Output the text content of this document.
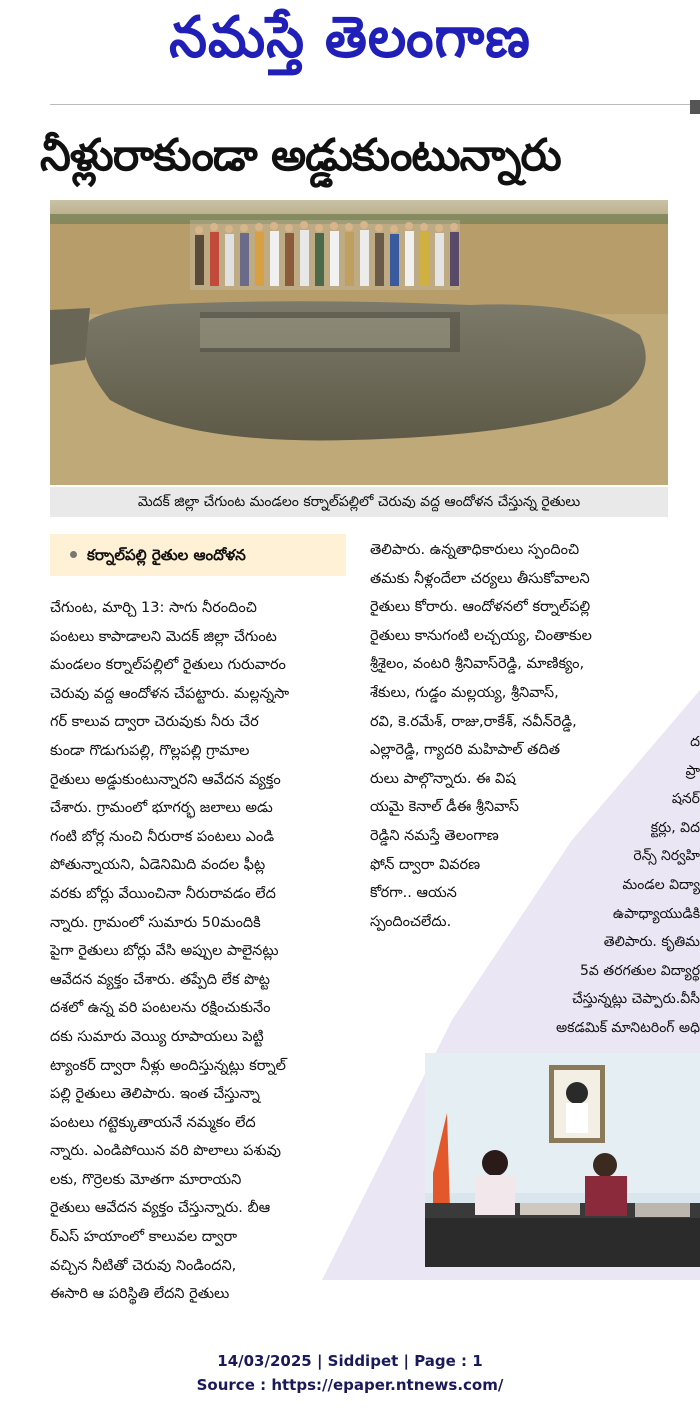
నమస్తే తెలంగాణ
నీళ్లురాకుండా అడ్డుకుంటున్నారు
మెదక్ జిల్లా చేగుంట మండలం కర్నాల్‌పల్లిలో చెరువు వద్ద ఆందోళన చేస్తున్న రైతులు
కర్నాల్‌పల్లి రైతుల ఆందోళన
చేగుంట, మార్చి 13: సాగు నీరందించి
పంటలు కాపాడాలని మెదక్ జిల్లా చేగుంట
మండలం కర్నాల్‌పల్లిలో రైతులు గురువారం
చెరువు వద్ద ఆందోళన చేపట్టారు. మల్లన్నసా
గర్ కాలువ ద్వారా చెరువుకు నీరు చేర
కుండా గొడుగుపల్లి, గొల్లపల్లి గ్రామాల
రైతులు అడ్డుకుంటున్నారని ఆవేదన వ్యక్తం
చేశారు. గ్రామంలో భూగర్భ జలాలు అడు
గంటి బోర్ల నుంచి నీరురాక పంటలు ఎండి
పోతున్నాయని, ఏడెనిమిది వందల ఫీట్ల
వరకు బోర్లు వేయించినా నీరురావడం లేద
న్నారు. గ్రామంలో సుమారు 50మందికి
పైగా రైతులు బోర్లు వేసి అప్పుల పాలైనట్లు
ఆవేదన వ్యక్తం చేశారు. తప్పేది లేక పొట్ట
దశలో ఉన్న వరి పంటలను రక్షించుకునేం
దకు సుమారు వెయ్యి రూపాయలు పెట్టి
ట్యాంకర్ ద్వారా నీళ్లు అందిస్తున్నట్లు కర్నాల్
పల్లి రైతులు తెలిపారు. ఇంత చేస్తున్నా
పంటలు గట్టెక్కుతాయనే నమ్మకం లేద
న్నారు. ఎండిపోయిన వరి పొలాలు పశువు
లకు, గొర్రెలకు మోతగా మారాయని
రైతులు ఆవేదన వ్యక్తం చేస్తున్నారు. బీఆ
ర్‌ఎస్ హయాంలో కాలువల ద్వారా
వచ్చిన నీటితో చెరువు నిండిందని,
ఈసారి ఆ పరిస్థితి లేదని రైతులు
తెలిపారు. ఉన్నతాధికారులు స్పందించి
తమకు నీళ్లందేలా చర్యలు తీసుకోవాలని
రైతులు కోరారు. ఆందోళనలో కర్నాల్‌పల్లి
రైతులు కానుగంటి లచ్చయ్య, చింతాకుల
శ్రీశైలం, వంటరి శ్రీనివాస్‌రెడ్డి, మాణిక్యం,
శేకులు, గుడ్డం మల్లయ్య, శ్రీనివాస్,
రవి, కె.రమేశ్, రాజు,రాకేశ్, నవీన్‌రెడ్డి,
ఎల్లారెడ్డి, గ్యాదరి మహిపాల్ తదిత
రులు పాల్గొన్నారు. ఈ విష
యమై కెనాల్ డీఈ శ్రీనివాస్
రెడ్డిని నమస్తే తెలంగాణ
ఫోన్ ద్వారా వివరణ
కోరగా.. ఆయన
స్పందించలేదు.
ద
ప్రా
షనర్
క్టర్లు, విద
రెన్స్ నిర్వహి
మండల విద్యా
ఉపాధ్యాయుడికి
తెలిపారు. కృతిమ
5వ తరగతుల విద్యార్థ
చేస్తున్నట్లు చెప్పారు.వీసీ
అకడమిక్ మానిటరింగ్ అధి
14/03/2025 | Siddipet | Page : 1
Source : https://epaper.ntnews.com/
